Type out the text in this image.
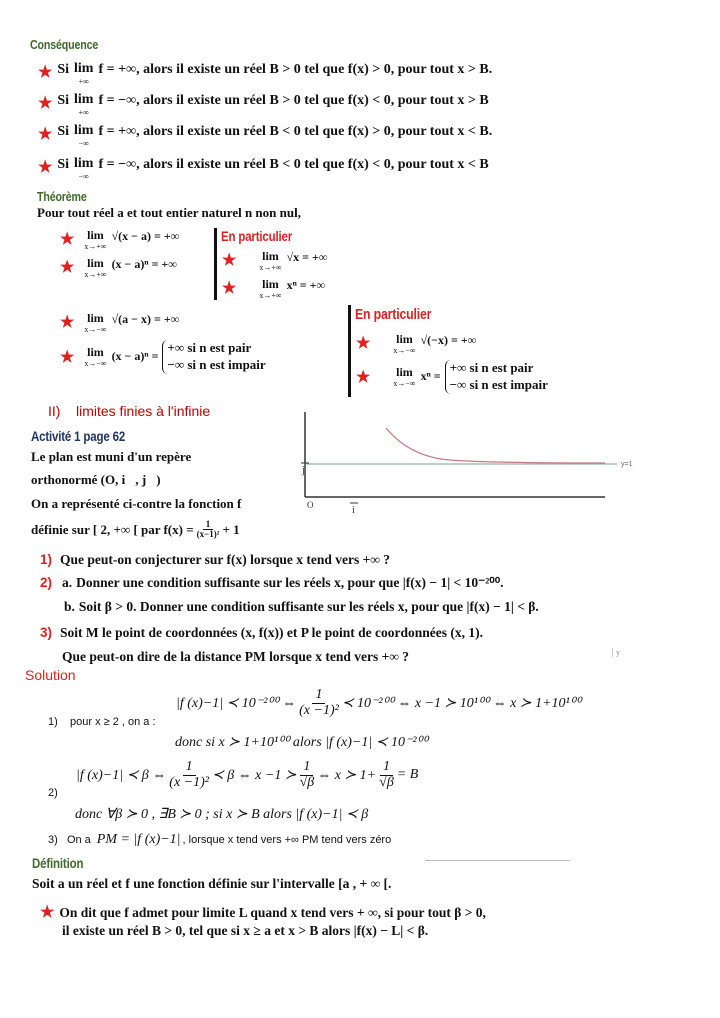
Conséquence
★ Si lim
+∞
f = +∞, alors il existe un réel B > 0 tel que f(x) > 0, pour tout x > B.
★ Si lim
+∞
f = −∞, alors il existe un réel B > 0 tel que f(x) < 0, pour tout x > B
★ Si lim
−∞
f = +∞, alors il existe un réel B < 0 tel que f(x) > 0, pour tout x < B.
★ Si lim
−∞
f = −∞, alors il existe un réel B < 0 tel que f(x) < 0, pour tout x < B
Théorème
Pour tout réel a et tout entier naturel n non nul,
★ lim
x→+∞
√(x − a) = +∞
★ lim
x→+∞
(x − a)ⁿ = +∞
En particulier
★ lim
x→+∞
√x = +∞
★ lim
x→+∞
xⁿ = +∞
★ lim
x→−∞
√(a − x) = +∞
★ lim
x→−∞ (x − a)ⁿ =
+∞ si n est pair
−∞ si n est impair
En particulier
★ lim
x→−∞
√(−x) = +∞
★ lim
x→−∞ xⁿ =
+∞ si n est pair
−∞ si n est impair
II)    limites finies à l'infinie
Activité 1 page 62
Le plan est muni d'un repère
orthonormé (O, i⃗, j⃗)
On a représenté ci-contre la fonction f
définie sur [ 2, +∞ [ par $f(x) = \frac{1}{\text{(x−1)²}} + 1$
y=1
j
O	i
1) Que peut-on conjecturer sur f(x) lorsque x tend vers +∞ ?
2) a. Donner une condition suffisante sur les réels x, pour que |f(x) − 1| < 10⁻²⁰⁰.
b. Soit β > 0. Donner une condition suffisante sur les réels x, pour que |f(x) − 1| < β.
3) Soit M le point de coordonnées (x, f(x)) et P le point de coordonnées (x, 1).
Que peut-on dire de la distance PM lorsque x tend vers +∞ ?	y
Solution
1)    pour x ≥ 2 , on a :
|f (x)−1| ≺ 10⁻²⁰⁰ ⇔ $\frac{1}{\text{(x −1)²}}$ ≺ 10⁻²⁰⁰ ⇔ x −1 ≻ 10¹⁰⁰ ⇔ x ≻ 1+10¹⁰⁰
donc si x ≻ 1+10¹⁰⁰ alors |f (x)−1| ≺ 10⁻²⁰⁰
2)
|f (x)−1| ≺ β ⇔ $\frac{1}{\text{(x −1)²}}$ ≺ β ⇔ x −1 ≻ $\frac{1}{√\beta}$ ⇔ x ≻ $1+ \frac{1}{√\beta} = B$
donc ∀β ≻ 0 , ∃B ≻ 0 ; si x ≻ B alors |f (x)−1| ≺ β
3)   On a PM = |f (x)−1| , lorsque x tend vers +∞ PM tend vers zéro
Définition
Soit a un réel et f une fonction définie sur l'intervalle [a , + ∞ [.
★ On dit que f admet pour limite L quand x tend vers + ∞, si pour tout β > 0,
il existe un réel B > 0, tel que si x ≥ a et x > B alors |f(x) − L| < β.
